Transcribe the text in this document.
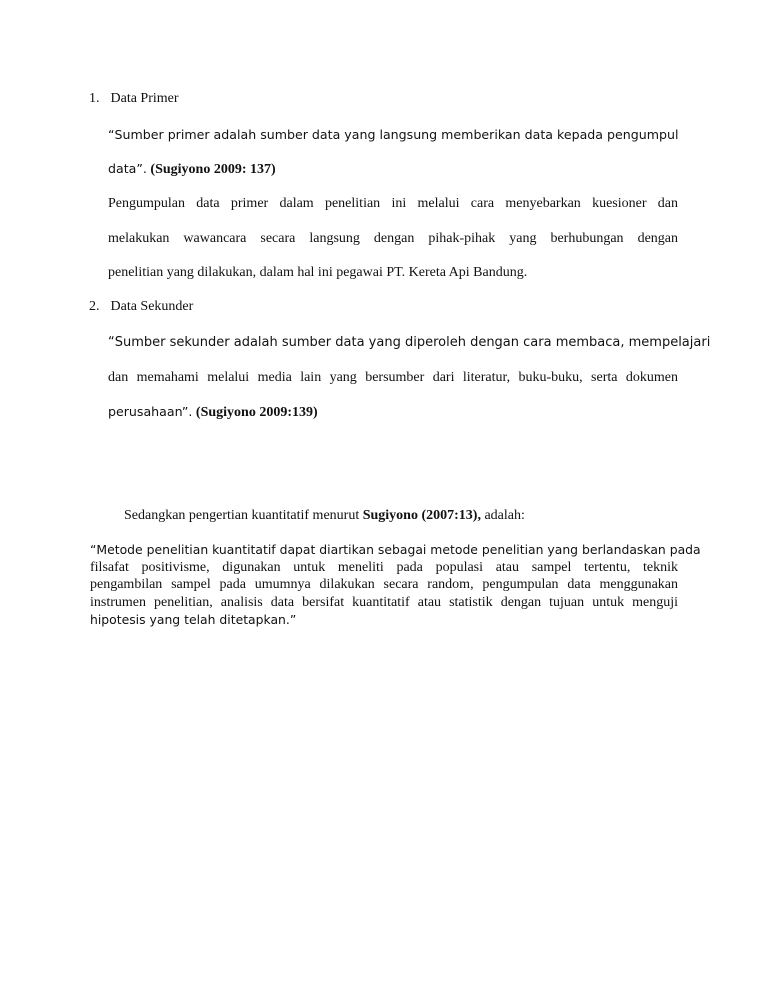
1. Data Primer
“Sumber primer adalah sumber data yang langsung memberikan data kepada pengumpul
data”. (Sugiyono 2009: 137)
Pengumpulan data primer dalam penelitian ini melalui cara menyebarkan kuesioner dan
melakukan wawancara secara langsung dengan pihak-pihak yang berhubungan dengan
penelitian yang dilakukan, dalam hal ini pegawai PT. Kereta Api Bandung.
2. Data Sekunder
“Sumber sekunder adalah sumber data yang diperoleh dengan cara membaca, mempelajari
dan memahami melalui media lain yang bersumber dari literatur, buku-buku, serta dokumen
perusahaan”. (Sugiyono 2009:139)
Sedangkan pengertian kuantitatif menurut Sugiyono (2007:13), adalah:
“Metode penelitian kuantitatif dapat diartikan sebagai metode penelitian yang berlandaskan pada
filsafat positivisme, digunakan untuk meneliti pada populasi atau sampel tertentu, teknik
pengambilan sampel pada umumnya dilakukan secara random, pengumpulan data menggunakan
instrumen penelitian, analisis data bersifat kuantitatif atau statistik dengan tujuan untuk menguji
hipotesis yang telah ditetapkan.”
